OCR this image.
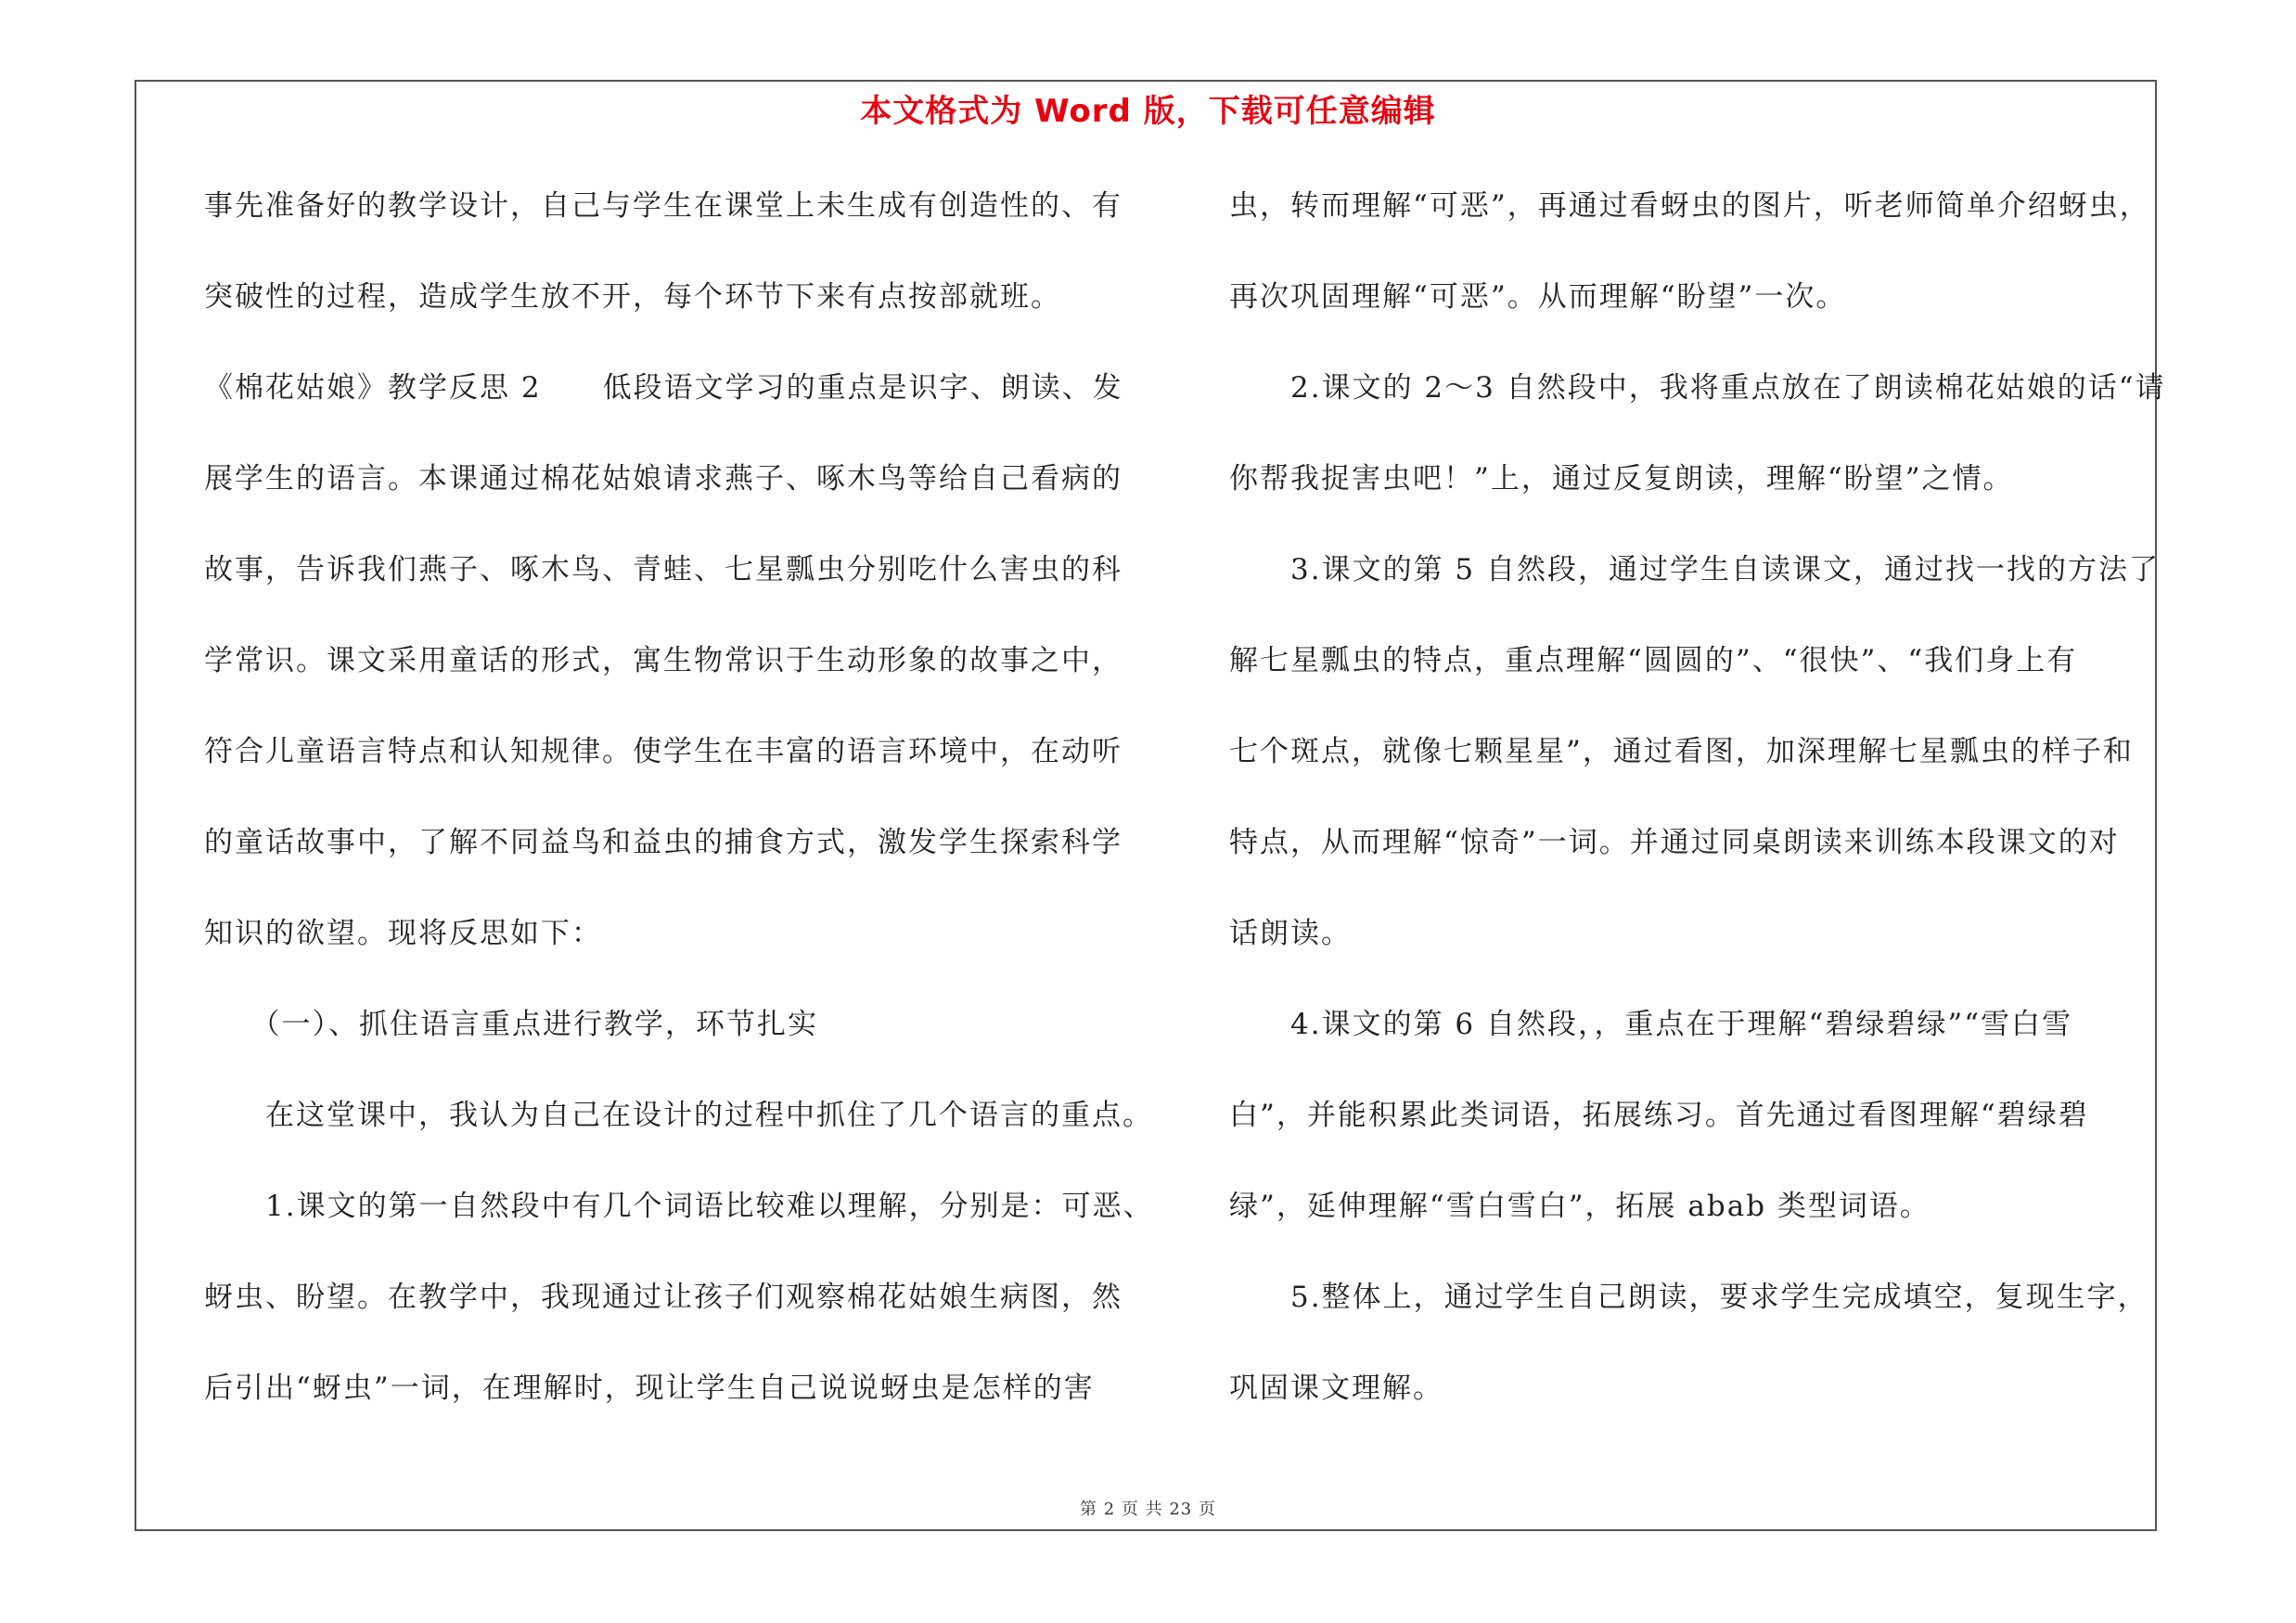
本文格式为 Word 版，下载可任意编辑
事先准备好的教学设计，自己与学生在课堂上未生成有创造性的、有
突破性的过程，造成学生放不开，每个环节下来有点按部就班。
《棉花姑娘》教学反思 2　　低段语文学习的重点是识字、朗读、发
展学生的语言。本课通过棉花姑娘请求燕子、啄木鸟等给自己看病的
故事，告诉我们燕子、啄木鸟、青蛙、七星瓢虫分别吃什么害虫的科
学常识。课文采用童话的形式，寓生物常识于生动形象的故事之中，
符合儿童语言特点和认知规律。使学生在丰富的语言环境中，在动听
的童话故事中，了解不同益鸟和益虫的捕食方式，激发学生探索科学
知识的欲望。现将反思如下：
　　（一）、抓住语言重点进行教学，环节扎实
　　在这堂课中，我认为自己在设计的过程中抓住了几个语言的重点。
　　1.课文的第一自然段中有几个词语比较难以理解，分别是：可恶、
蚜虫、盼望。在教学中，我现通过让孩子们观察棉花姑娘生病图，然
后引出“蚜虫”一词，在理解时，现让学生自己说说蚜虫是怎样的害
虫，转而理解“可恶”，再通过看蚜虫的图片，听老师简单介绍蚜虫，
再次巩固理解“可恶”。从而理解“盼望”一次。
　　2.课文的 2～3 自然段中，我将重点放在了朗读棉花姑娘的话“请
你帮我捉害虫吧！”上，通过反复朗读，理解“盼望”之情。
　　3.课文的第 5 自然段，通过学生自读课文，通过找一找的方法了
解七星瓢虫的特点，重点理解“圆圆的”、“很快”、“我们身上有
七个斑点，就像七颗星星”，通过看图，加深理解七星瓢虫的样子和
特点，从而理解“惊奇”一词。并通过同桌朗读来训练本段课文的对
话朗读。
　　4.课文的第 6 自然段，，重点在于理解“碧绿碧绿”“雪白雪
白”，并能积累此类词语，拓展练习。首先通过看图理解“碧绿碧
绿”，延伸理解“雪白雪白”，拓展 abab 类型词语。
　　5.整体上，通过学生自己朗读，要求学生完成填空，复现生字，
巩固课文理解。
第 2 页 共 23 页
